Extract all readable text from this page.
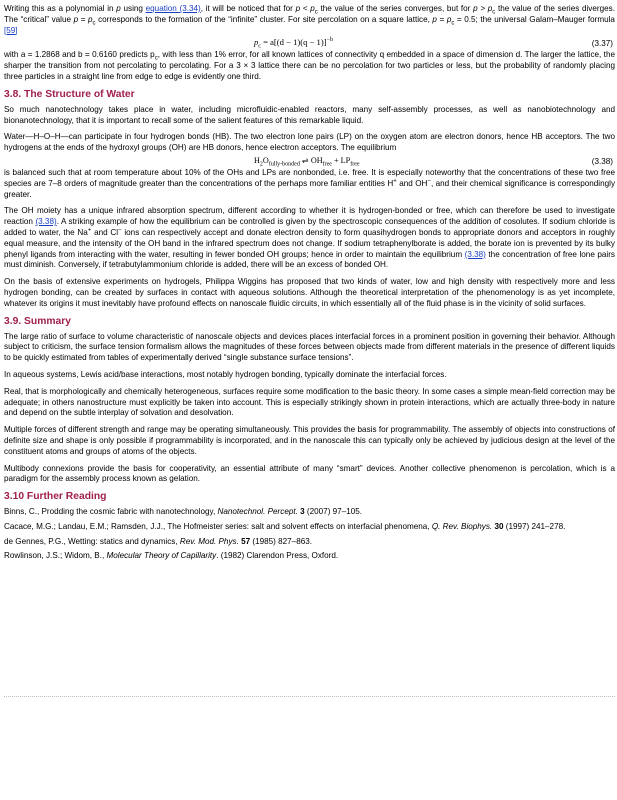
Writing this as a polynomial in p using equation (3.34), it will be noticed that for $p < p_c$ the value of the series converges, but for $p > p_c$ the value of the series diverges. The “critical” value $p = p_c$ corresponds to the formation of the “infinite” cluster. For site percolation on a square lattice, $p = p_c = 0.5$; the universal Galam–Mauger formula [59]

$p_c = a[(d - 1)(q - 1)]^{-b}$	(3.37)

with a = 1.2868 and b = 0.6160 predicts $p_c$, with less than 1% error, for all known lattices of connectivity q embedded in a space of dimension d. The larger the lattice, the sharper the transition from not percolating to percolating. For a 3 × 3 lattice there can be no percolation for two particles or less, but the probability of randomly placing three particles in a straight line from edge to edge is evidently one third.

3.8. The Structure of Water

So much nanotechnology takes place in water, including microfluidic-enabled reactors, many self-assembly processes, as well as nanobiotechnology and bionanotechnology, that it is important to recall some of the salient features of this remarkable liquid.

Water—H–O–H—can participate in four hydrogen bonds (HB). The two electron lone pairs (LP) on the oxygen atom are electron donors, hence HB acceptors. The two hydrogens at the ends of the hydroxyl groups (OH) are HB donors, hence electron acceptors. The equilibrium

$H_2O_{fully-bonded}$ ⇌ $OH_{free} + LP_{free}$	(3.38)

is balanced such that at room temperature about 10% of the OHs and LPs are nonbonded, i.e. free. It is especially noteworthy that the concentrations of these two free species are 7–8 orders of magnitude greater than the concentrations of the perhaps more familiar entities H+ and OH−, and their chemical significance is correspondingly greater.

The OH moiety has a unique infrared absorption spectrum, different according to whether it is hydrogen-bonded or free, which can therefore be used to investigate reaction (3.38). A striking example of how the equilibrium can be controlled is given by the spectroscopic consequences of the addition of cosolutes. If sodium chloride is added to water, the Na+ and Cl− ions can respectively accept and donate electron density to form quasihydrogen bonds to appropriate donors and acceptors in roughly equal measure, and the intensity of the OH band in the infrared spectrum does not change. If sodium tetraphenylborate is added, the borate ion is prevented by its bulky phenyl ligands from interacting with the water, resulting in fewer bonded OH groups; hence in order to maintain the equilibrium (3.38) the concentration of free lone pairs must diminish. Conversely, if tetrabutylammonium chloride is added, there will be an excess of bonded OH.

On the basis of extensive experiments on hydrogels, Philippa Wiggins has proposed that two kinds of water, low and high density with respectively more and less hydrogen bonding, can be created by surfaces in contact with aqueous solutions. Although the theoretical interpretation of the phenomenology is as yet incomplete, whatever its origins it must inevitably have profound effects on nanoscale fluidic circuits, in which essentially all of the fluid phase is in the vicinity of solid surfaces.

3.9. Summary

The large ratio of surface to volume characteristic of nanoscale objects and devices places interfacial forces in a prominent position in governing their behavior. Although subject to criticism, the surface tension formalism allows the magnitudes of these forces between objects made from different materials in the presence of different liquids to be quickly estimated from tables of experimentally derived “single substance surface tensions”.

In aqueous systems, Lewis acid/base interactions, most notably hydrogen bonding, typically dominate the interfacial forces.

Real, that is morphologically and chemically heterogeneous, surfaces require some modification to the basic theory. In some cases a simple mean-field correction may be adequate; in others nanostructure must explicitly be taken into account. This is especially strikingly shown in protein interactions, which are actually three-body in nature and depend on the subtle interplay of solvation and desolvation.

Multiple forces of different strength and range may be operating simultaneously. This provides the basis for programmability. The assembly of objects into constructions of definite size and shape is only possible if programmability is incorporated, and in the nanoscale this can typically only be achieved by judicious design at the level of the constituent atoms and groups of atoms of the objects.

Multibody connexions provide the basis for cooperativity, an essential attribute of many “smart” devices. Another collective phenomenon is percolation, which is a paradigm for the assembly process known as gelation.

3.10 Further Reading
Binns, C., Prodding the cosmic fabric with nanotechnology, Nanotechnol. Percept. 3 (2007) 97–105.
Cacace, M.G.; Landau, E.M.; Ramsden, J.J., The Hofmeister series: salt and solvent effects on interfacial phenomena, Q. Rev. Biophys. 30 (1997) 241–278.
de Gennes, P.G., Wetting: statics and dynamics, Rev. Mod. Phys. 57 (1985) 827–863.
Rowlinson, J.S.; Widom, B., Molecular Theory of Capillarity. (1982) Clarendon Press, Oxford.
